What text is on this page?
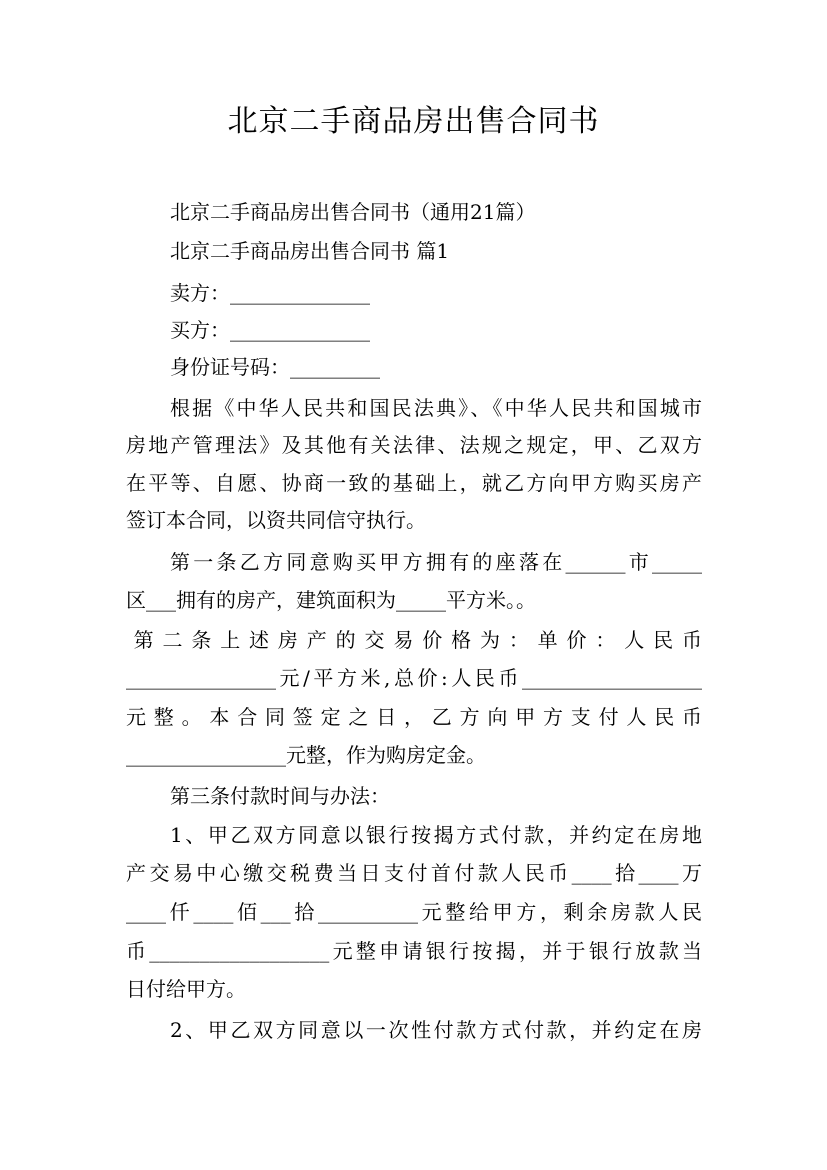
北京二手商品房出售合同书
北京二手商品房出售合同书（通用21篇）
北京二手商品房出售合同书 篇1
卖方：______________
买方：______________
身份证号码：_________
根据《中华人民共和国民法典》、《中华人民共和国城市
房地产管理法》及其他有关法律、法规之规定，甲、乙双方
在平等、自愿、协商一致的基础上，就乙方向甲方购买房产
签订本合同，以资共同信守执行。
第一条乙方同意购买甲方拥有的座落在______市_____
区___拥有的房产，建筑面积为_____平方米。。
第 二 条 上 述 房 产 的 交 易 价 格 为 ： 单 价 ： 人 民 币
_______________元/平方米,总价:人民币__________________
元 整 。 本 合 同 签 定 之 日 ， 乙 方 向 甲 方 支 付 人 民 币
________________元整，作为购房定金。
第三条付款时间与办法：
1、甲乙双方同意以银行按揭方式付款，并约定在房地
产交易中心缴交税费当日支付首付款人民币____拾____万
____仟____佰___拾__________元整给甲方，剩余房款人民
币__________________元整申请银行按揭，并于银行放款当
日付给甲方。
2、甲乙双方同意以一次性付款方式付款，并约定在房
